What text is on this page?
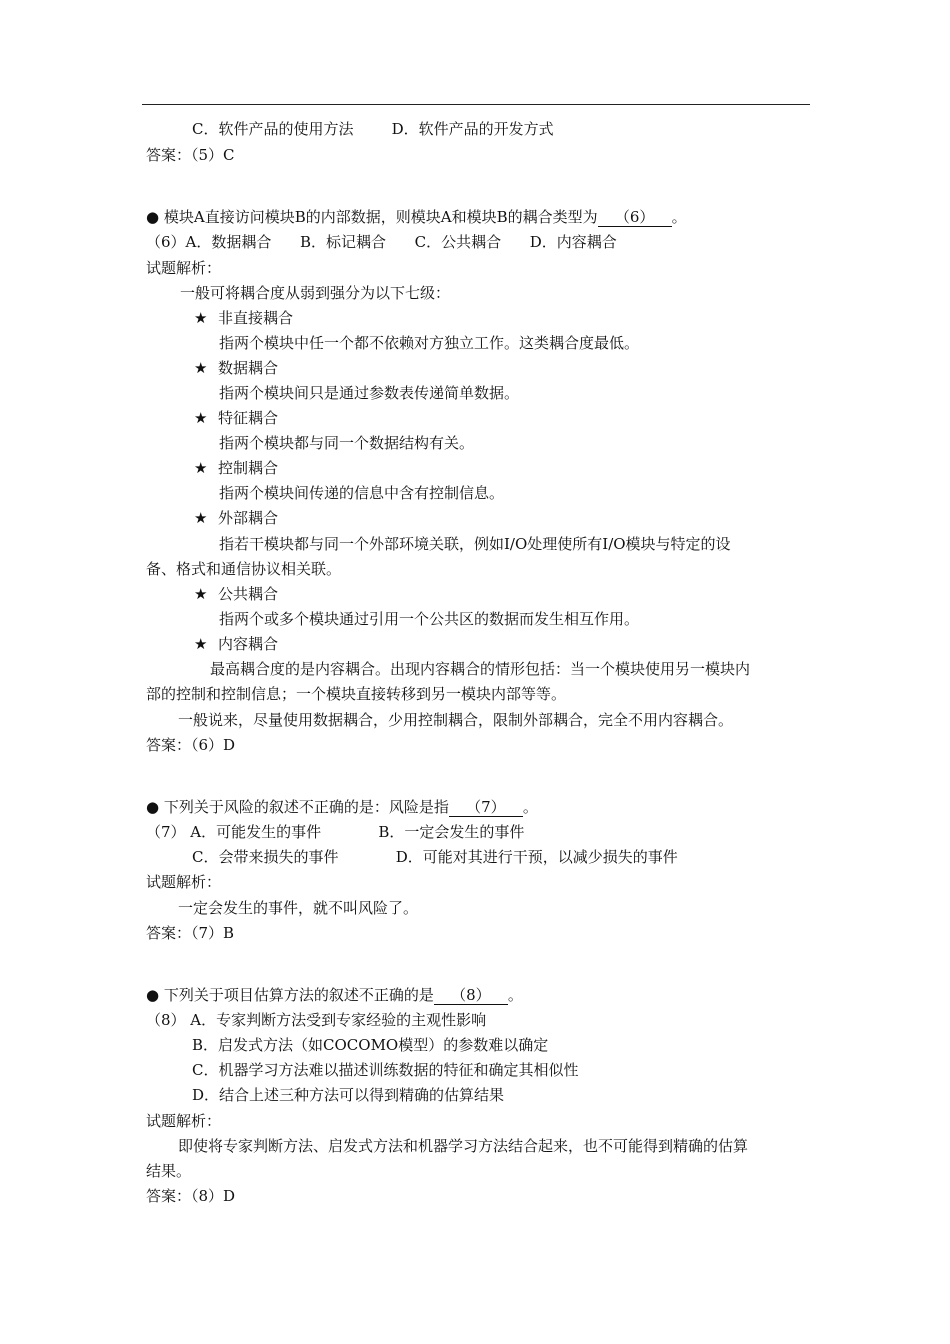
C．软件产品的使用方法        D．软件产品的开发方式
答案：（5）C
● 模块A直接访问模块B的内部数据，则模块A和模块B的耦合类型为 （6） 。
（6）A．数据耦合      B．标记耦合      C．公共耦合      D．内容耦合
试题解析：
一般可将耦合度从弱到强分为以下七级：
★ 非直接耦合
指两个模块中任一个都不依赖对方独立工作。这类耦合度最低。
★ 数据耦合
指两个模块间只是通过参数表传递简单数据。
★ 特征耦合
指两个模块都与同一个数据结构有关。
★ 控制耦合
指两个模块间传递的信息中含有控制信息。
★ 外部耦合
指若干模块都与同一个外部环境关联，例如I/O处理使所有I/O模块与特定的设
备、格式和通信协议相关联。
★ 公共耦合
指两个或多个模块通过引用一个公共区的数据而发生相互作用。
★ 内容耦合
最高耦合度的是内容耦合。出现内容耦合的情形包括：当一个模块使用另一模块内
部的控制和控制信息；一个模块直接转移到另一模块内部等等。
一般说来，尽量使用数据耦合，少用控制耦合，限制外部耦合，完全不用内容耦合。
答案：（6）D
● 下列关于风险的叙述不正确的是：风险是指 （7） 。
（7） A．可能发生的事件            B．一定会发生的事件
C．会带来损失的事件            D．可能对其进行干预，以减少损失的事件
试题解析：
一定会发生的事件，就不叫风险了。
答案：（7）B
● 下列关于项目估算方法的叙述不正确的是 （8） 。
（8） A．专家判断方法受到专家经验的主观性影响
B．启发式方法（如COCOMO模型）的参数难以确定
C．机器学习方法难以描述训练数据的特征和确定其相似性
D．结合上述三种方法可以得到精确的估算结果
试题解析：
即使将专家判断方法、启发式方法和机器学习方法结合起来，也不可能得到精确的估算
结果。
答案：（8）D
